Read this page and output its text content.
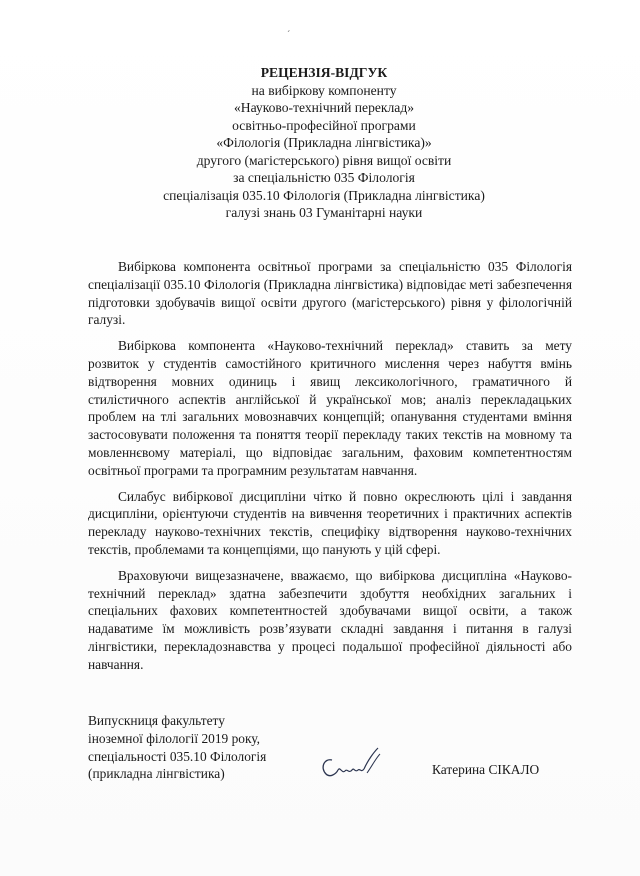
´
РЕЦЕНЗІЯ-ВІДГУК
на вибіркову компоненту
«Науково-технічний переклад»
освітньо-професійної програми
«Філологія (Прикладна лінгвістика)»
другого (магістерського) рівня вищої освіти
за спеціальністю 035 Філологія
спеціалізація 035.10 Філологія (Прикладна лінгвістика)
галузі знань 03 Гуманітарні науки

Вибіркова компонента освітньої програми за спеціальністю 035 Філологія спеціалізації 035.10 Філологія (Прикладна лінгвістика) відповідає меті забезпечення підготовки здобувачів вищої освіти другого (магістерського) рівня у філологічній галузі.

Вибіркова компонента «Науково-технічний переклад» ставить за мету розвиток у студентів самостійного критичного мислення через набуття вмінь відтворення мовних одиниць і явищ лексикологічного, граматичного й стилістичного аспектів англійської й української мов; аналіз перекладацьких проблем на тлі загальних мовознавчих концепцій; опанування студентами вміння застосовувати положення та поняття теорії перекладу таких текстів на мовному та мовленнєвому матеріалі, що відповідає загальним, фаховим компетентностям освітньої програми та програмним результатам навчання.

Силабус вибіркової дисципліни чітко й повно окреслюють цілі і завдання дисципліни, орієнтуючи студентів на вивчення теоретичних і практичних аспектів перекладу науково-технічних текстів, специфіку відтворення науково-технічних текстів, проблемами та концепціями, що панують у цій сфері.

Враховуючи вищезазначене, вважаємо, що вибіркова дисципліна «Науково-технічний переклад» здатна забезпечити здобуття необхідних загальних і спеціальних фахових компетентностей здобувачами вищої освіти, а також надаватиме їм можливість розв’язувати складні завдання і питання в галузі лінгвістики, перекладознавства у процесі подальшої професійної діяльності або навчання.

Випускниця факультету
іноземної філології 2019 року,
спеціальності 035.10 Філологія
(прикладна лінгвістика)	Катерина СІКАЛО
